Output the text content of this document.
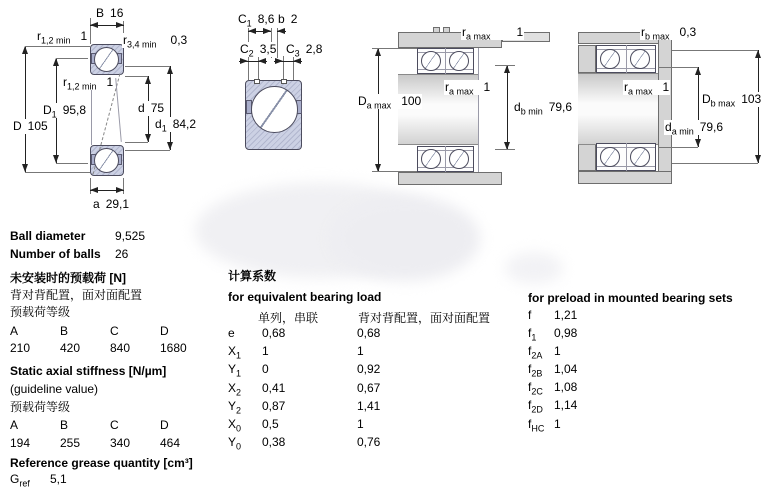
B 16
D 105
$D_1$ 95,8	d 75
$d_1$ 84,2
$r_{1,2 min}$ 1	$r_{3,4 min}$ 0,3
$r_{1,2 min}$ 1
a 29,1
$C_1$ 8,6 b 2
$C_2$ 3,5 $C_3$ 2,8
$D_{a max}$ 100	$d_{b min}$ 79,6
$r_{a max}$ 1
$r_{a max}$ 1
$D_{b max}$ 103
$d_{a min}$ 79,6
$r_{b max}$ 0,3
$r_{a max}$ 1
Ball diameter	9,525
Number of balls	26
未安装时的预载荷 [N]
背对背配置，面对面配置
预载荷等级
A	B	C	D
210	420	840	1680
Static axial stiffness [N/µm]
(guideline value)
预载荷等级
A	B	C	D
194	255	340	464
Reference grease quantity [cm³]
$G_{ref}$	5,1
计算系数
for equivalent bearing load
单列，串联	背对背配置，面对面配置
e	0,68	0,68
$X_1$	1	1
$Y_1$	0	0,92
$X_2$	0,41	0,67
$Y_2$	0,87	1,41
$X_0$	0,5	1
$Y_0$	0,38	0,76
for preload in mounted bearing sets
f	1,21
$f_1$	0,98
$f_{2A}$ 1
$f_{2B}$ 1,04
$f_{2C}$ 1,08
$f_{2D}$ 1,14
$f_{HC}$ 1
